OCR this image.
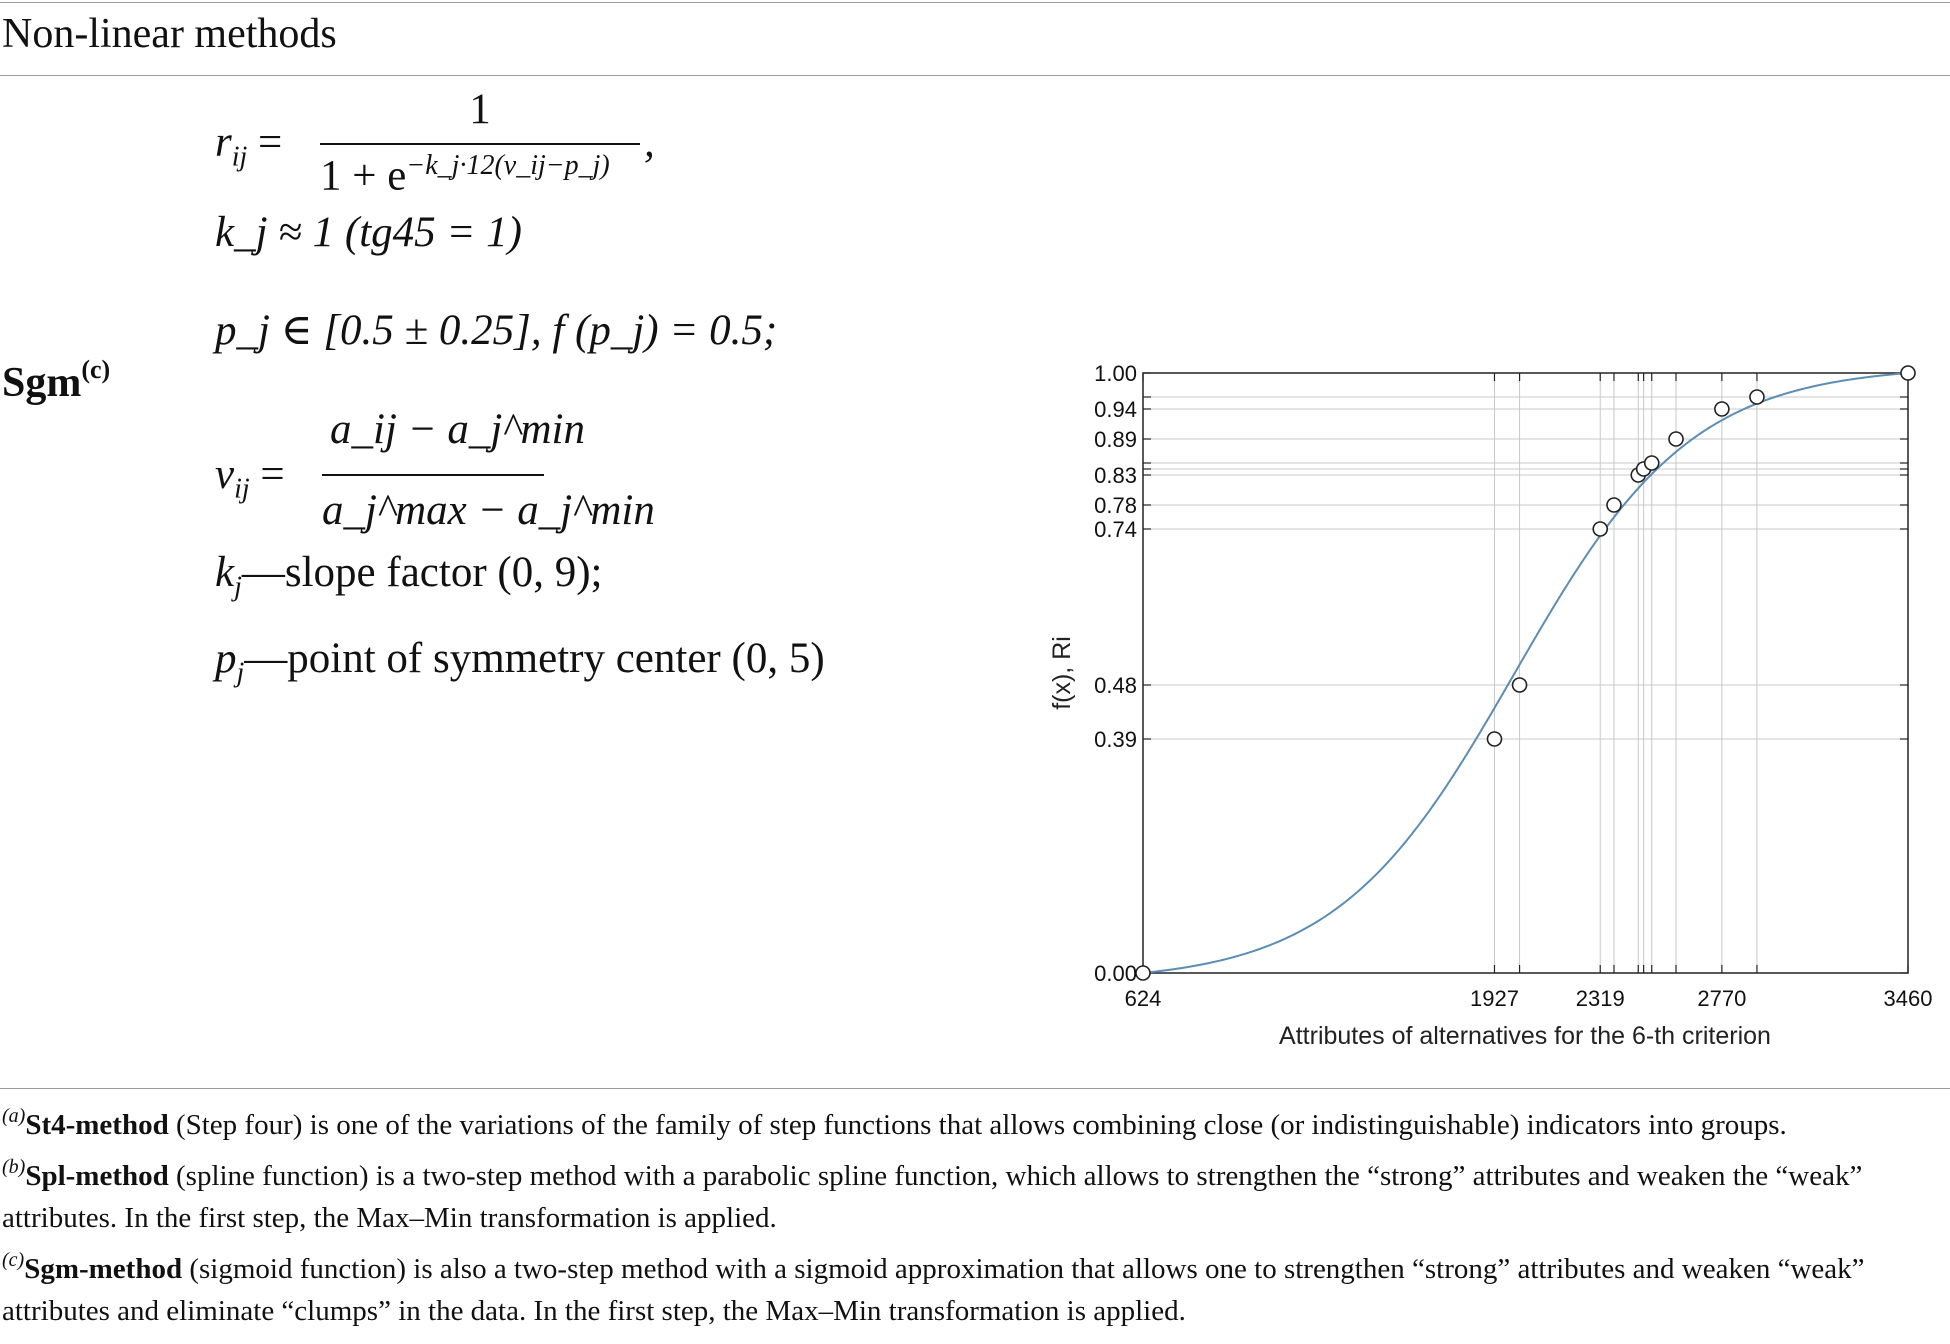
Non-linear methods
Sgm$^{(c)}$
$r_{ij}$ =
1
$1 + e^{-k\_j\cdot 12(v\_ij-p\_j)}$ ,
k_j ≈ 1 (tg45 = 1)
p_j ∈ [0.5 ± 0.25], f (p_j) = 0.5;
$v_{ij}$ =
a_ij − a_j^min
a_j^max − a_j^min
$k_j—slope$ factor (0, 9);
$p_j—point$ of symmetry center (0, 5)
624	1927	2319	2770	3460
0.00
0.39
0.48
0.74
0.78
0.83
0.89
0.94
1.00
Attributes of alternatives for the 6-th criterion
f(x), Ri

$^{(a)}$St4-method (Step four) is one of the variations of the family of step functions that allows combining close (or indistinguishable) indicators into groups.

$^{(b)}$Spl-method (spline function) is a two-step method with a parabolic spline function, which allows to strengthen the “strong” attributes and weaken the “weak” attributes. In the first step, the Max–Min transformation is applied.

$^{(c)}$Sgm-method (sigmoid function) is also a two-step method with a sigmoid approximation that allows one to strengthen “strong” attributes and weaken “weak” attributes and eliminate “clumps” in the data. In the first step, the Max–Min transformation is applied.
